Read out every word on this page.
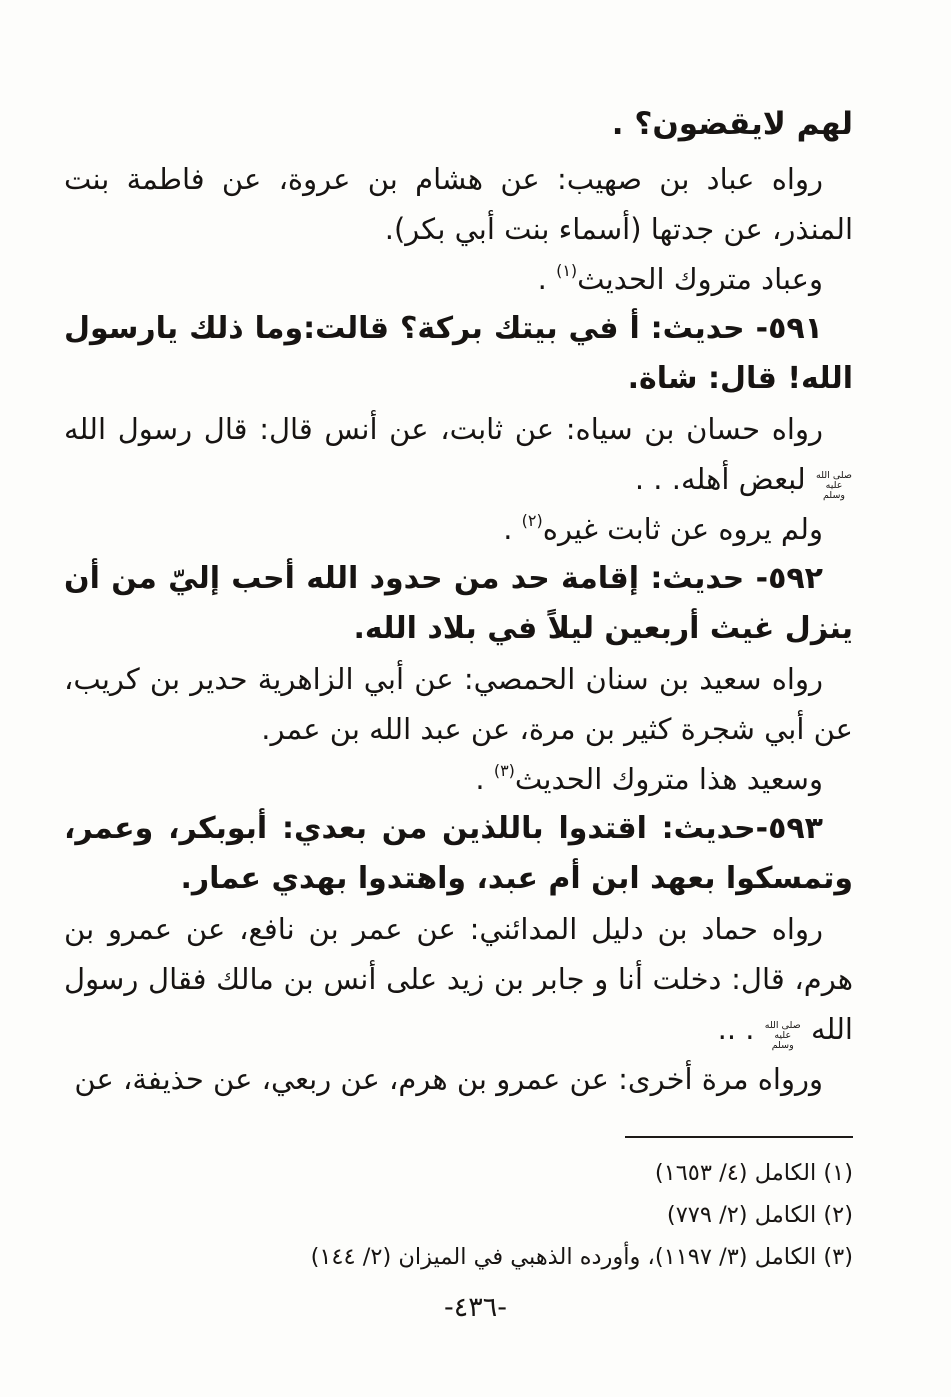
لهم لايقضون؟ .

رواه عباد بن صهيب: عن هشام بن عروة، عن فاطمة بنت المنذر، عن جدتها (أسماء بنت أبي بكر).

وعباد متروك الحديث$^{(١)}$ .

٥٩١- حديث: أ في بيتك بركة؟ قالت:وما ذلك يارسول الله! قال: شاة.

رواه حسان بن سياه: عن ثابت، عن أنس قال: قال رسول الله صلى الله عليه وسلم لبعض أهله. . .

ولم يروه عن ثابت غيره$^{(٢)}$ .

٥٩٢- حديث: إقامة حد من حدود الله أحب إليّ من أن ينزل غيث أربعين ليلاً في بلاد الله.

رواه سعيد بن سنان الحمصي: عن أبي الزاهرية حدير بن كريب، عن أبي شجرة كثير بن مرة، عن عبد الله بن عمر.

وسعيد هذا متروك الحديث$^{(٣)}$ .

٥٩٣-حديث: اقتدوا باللذين من بعدي: أبوبكر، وعمر، وتمسكوا بعهد ابن أم عبد، واهتدوا بهدي عمار.

رواه حماد بن دليل المدائني: عن عمر بن نافع، عن عمرو بن هرم، قال: دخلت أنا و جابر بن زيد على أنس بن مالك فقال رسول الله صلى الله عليه وسلم . ..

ورواه مرة أخرى: عن عمرو بن هرم، عن ربعي، عن حذيفة، عن

(١) الكامل (٤/ ١٦٥٣)

(٢) الكامل (٢/ ٧٧٩)

(٣) الكامل (٣/ ١١٩٧)، وأورده الذهبي في الميزان (٢/ ١٤٤)

-٤٣٦-
